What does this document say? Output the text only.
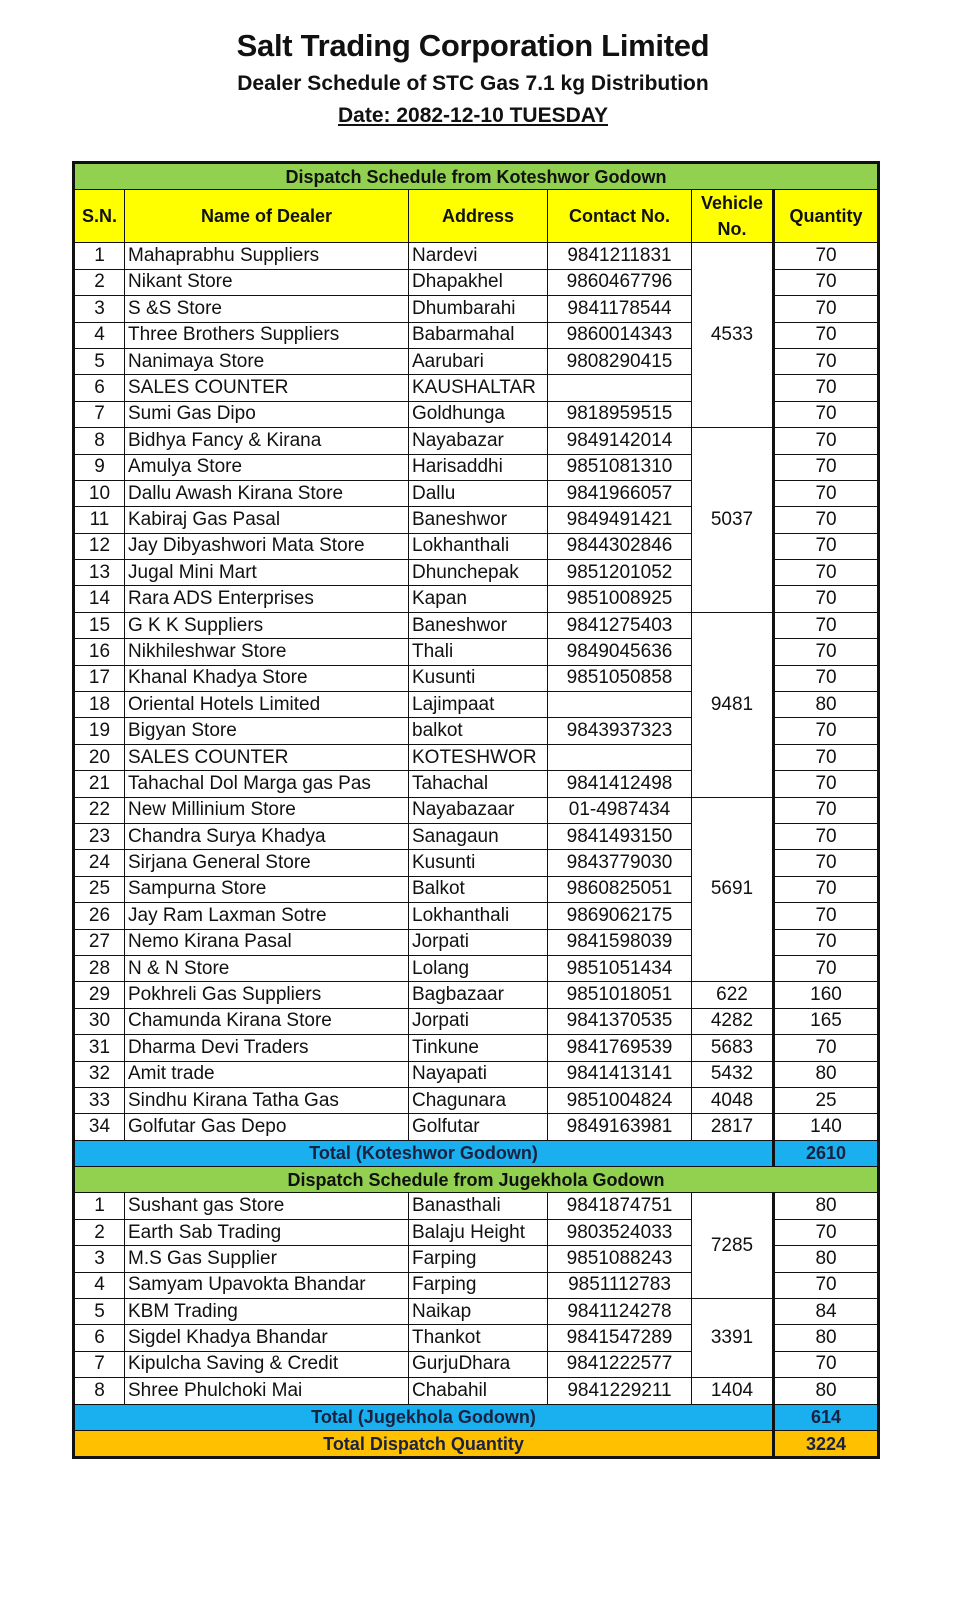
Salt Trading Corporation Limited
Dealer Schedule of STC Gas 7.1 kg Distribution
Date: 2082-12-10 TUESDAY
Dispatch Schedule from Koteshwor Godown					
S.N.	Name of Dealer	Address	Contact No.	Vehicle No.	Quantity
1	Mahaprabhu Suppliers	Nardevi	9841211831	4533	70
2	Nikant Store	Dhapakhel	9860467796		70
3	S &S Store	Dhumbarahi	9841178544		70
4	Three Brothers Suppliers	Babarmahal	9860014343		70
5	Nanimaya Store	Aarubari	9808290415		70
6	SALES COUNTER	KAUSHALTAR			70
7	Sumi Gas Dipo	Goldhunga	9818959515		70
8	Bidhya Fancy & Kirana	Nayabazar	9849142014	5037	70
9	Amulya Store	Harisaddhi	9851081310		70
10	Dallu Awash Kirana Store	Dallu	9841966057		70
11	Kabiraj Gas Pasal	Baneshwor	9849491421		70
12	Jay Dibyashwori Mata Store	Lokhanthali	9844302846		70
13	Jugal Mini Mart	Dhunchepak	9851201052		70
14	Rara ADS Enterprises	Kapan	9851008925		70
15	G K K Suppliers	Baneshwor	9841275403	9481	70
16	Nikhileshwar Store	Thali	9849045636		70
17	Khanal Khadya Store	Kusunti	9851050858		70
18	Oriental Hotels Limited	Lajimpaat			80
19	Bigyan Store	balkot	9843937323		70
20	SALES COUNTER	KOTESHWOR			70
21	Tahachal Dol Marga gas Pas	Tahachal	9841412498		70
22	New Millinium Store	Nayabazaar	01-4987434	5691	70
23	Chandra Surya Khadya	Sanagaun	9841493150		70
24	Sirjana General Store	Kusunti	9843779030		70
25	Sampurna Store	Balkot	9860825051		70
26	Jay Ram Laxman Sotre	Lokhanthali	9869062175		70
27	Nemo Kirana Pasal	Jorpati	9841598039		70
28	N & N Store	Lolang	9851051434		70
29	Pokhreli Gas Suppliers	Bagbazaar	9851018051	622	160
30	Chamunda Kirana Store	Jorpati	9841370535	4282	165
31	Dharma Devi Traders	Tinkune	9841769539	5683	70
32	Amit trade	Nayapati	9841413141	5432	80
33	Sindhu Kirana Tatha Gas	Chagunara	9851004824	4048	25
34	Golfutar Gas Depo	Golfutar	9849163981	2817	140
Total (Koteshwor Godown)					2610
Dispatch Schedule from Jugekhola Godown					
1	Sushant gas Store	Banasthali	9841874751	7285	80
2	Earth Sab Trading	Balaju Height	9803524033		70
3	M.S Gas Supplier	Farping	9851088243		80
4	Samyam Upavokta Bhandar	Farping	9851112783		70
5	KBM Trading	Naikap	9841124278	3391	84
6	Sigdel Khadya Bhandar	Thankot	9841547289		80
7	Kipulcha Saving & Credit	GurjuDhara	9841222577		70
8	Shree Phulchoki Mai	Chabahil	9841229211	1404	80
Total (Jugekhola Godown)					614
Total Dispatch Quantity					3224
